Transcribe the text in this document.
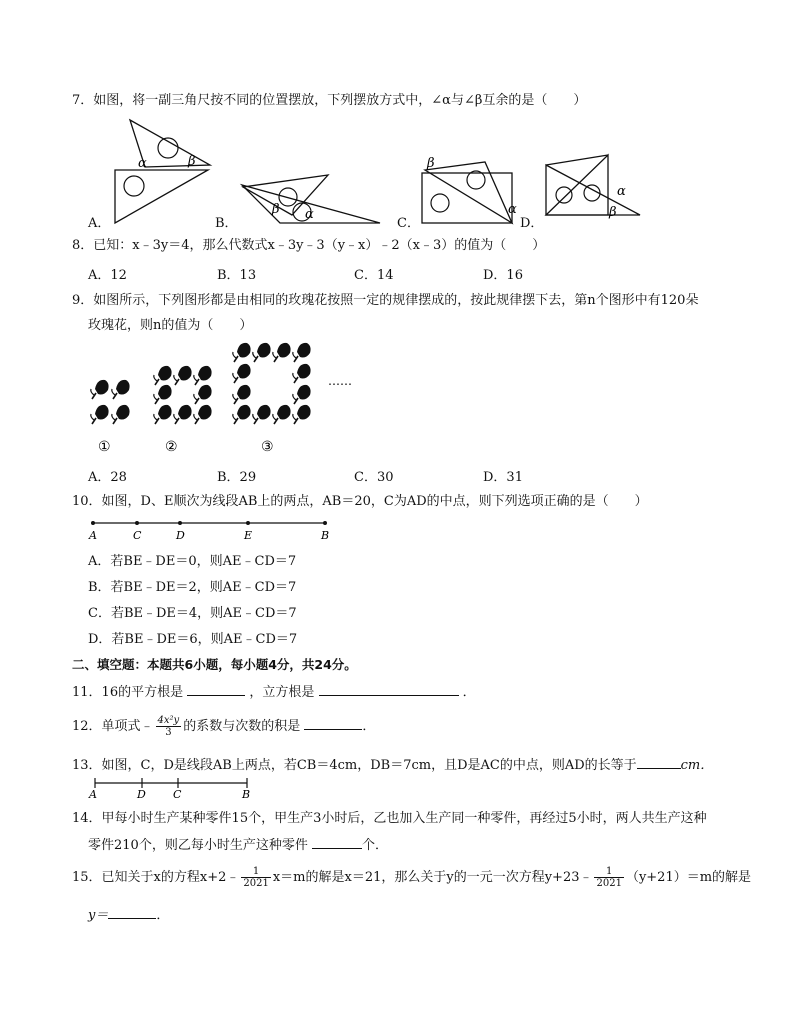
7．如图，将一副三角尺按不同的位置摆放，下列摆放方式中，∠α与∠β互余的是（　　）
α	β
β α
β
α
α
β
A．	B．	C．	D．
8．已知：x﹣3y＝4，那么代数式x﹣3y﹣3（y﹣x）﹣2（x﹣3）的值为（　　）
A．12	B．13	C．14	D．16
9．如图所示，下列图形都是由相同的玫瑰花按照一定的规律摆成的，按此规律摆下去，第n个图形中有120朵
玫瑰花，则n的值为（　　）
……
①	②	③
A．28	B．29	C．30	D．31
10．如图，D、E顺次为线段AB上的两点，AB＝20，C为AD的中点，则下列选项正确的是（　　）
A	C	D	E	B
A．若BE﹣DE＝0，则AE﹣CD＝7
B．若BE﹣DE＝2，则AE﹣CD＝7
C．若BE﹣DE＝4，则AE﹣CD＝7
D．若BE﹣DE＝6，则AE﹣CD＝7
二、填空题：本题共6小题，每小题4分，共24分。
11．16的平方根是	，立方根是	．
12．单项式﹣ $\frac{\text{4x²y}}{3}$ 的系数与次数的积是	．
13．如图，C，D是线段AB上两点，若CB＝4cm，DB＝7cm，且D是AC的中点，则AD的长等于	cm．
A	D C	B
14．甲每小时生产某种零件15个，甲生产3小时后，乙也加入生产同一种零件，再经过5小时，两人共生产这种
零件210个，则乙每小时生产这种零件	个．
15．已知关于x的方程x+2﹣ $\frac{1}{2021} x=m$的解是x＝21，那么关于y的一元一次方程y+23﹣ $\frac{1}{2021} (y+21)=m$的解是
y＝	．
